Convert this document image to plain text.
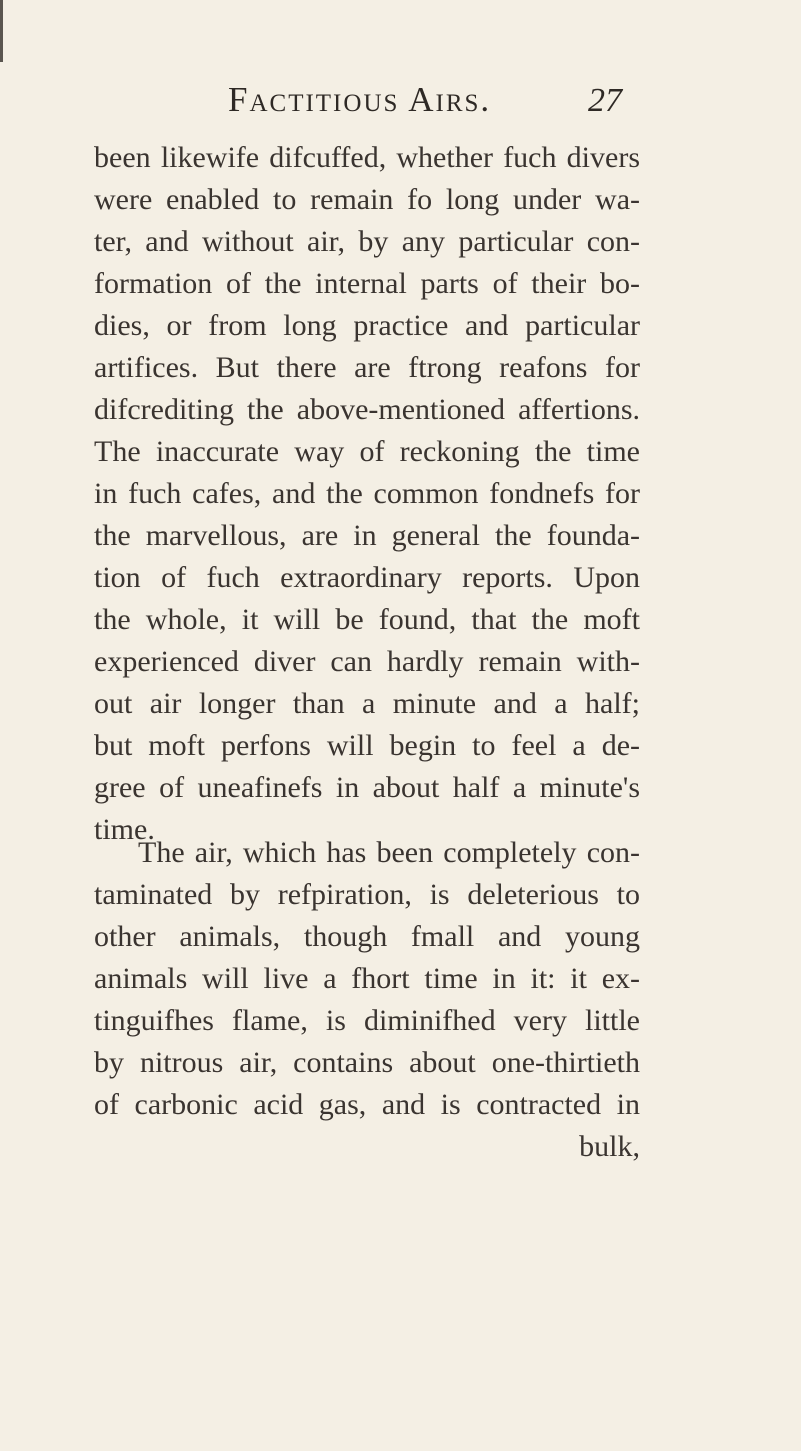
Factitious Airs.	27
been likewife difcuffed, whether fuch divers
were enabled to remain fo long under wa-
ter, and without air, by any particular con-
formation of the internal parts of their bo-
dies, or from long practice and particular
artifices. But there are ftrong reafons for
difcrediting the above-mentioned affertions.
The inaccurate way of reckoning the time
in fuch cafes, and the common fondnefs for
the marvellous, are in general the founda-
tion of fuch extraordinary reports. Upon
the whole, it will be found, that the moft
experienced diver can hardly remain with-
out air longer than a minute and a half;
but moft perfons will begin to feel a de-
gree of uneafinefs in about half a minute's
time.
The air, which has been completely con-
taminated by refpiration, is deleterious to
other animals, though fmall and young
animals will live a fhort time in it: it ex-
tinguifhes flame, is diminifhed very little
by nitrous air, contains about one-thirtieth
of carbonic acid gas, and is contracted in
bulk,
